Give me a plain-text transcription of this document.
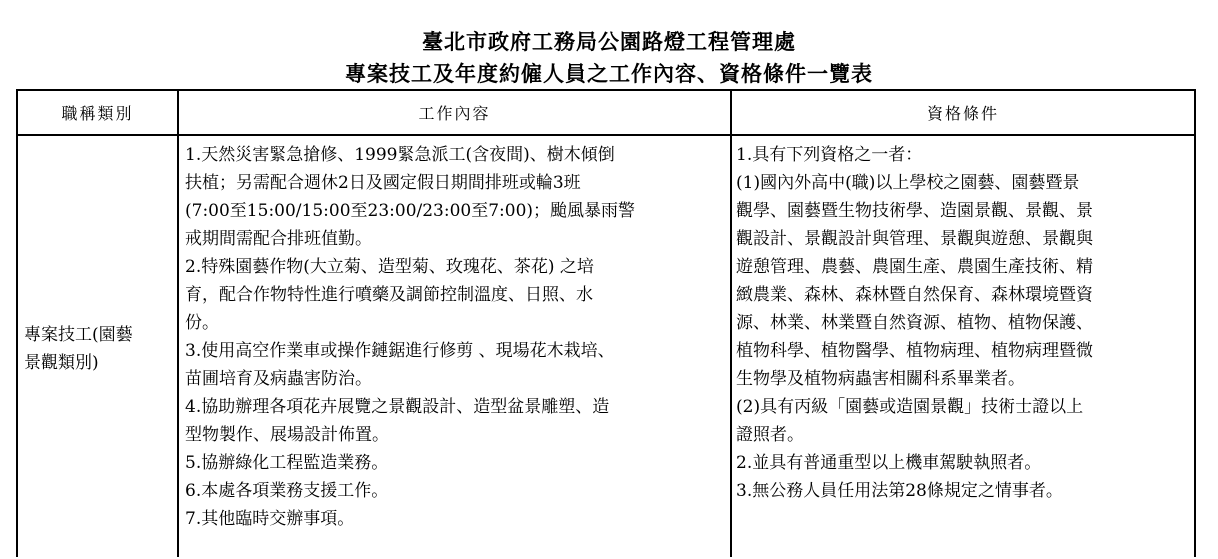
臺北市政府工務局公園路燈工程管理處
專案技工及年度約僱人員之工作內容、資格條件一覽表
職稱類別	工作內容	資格條件
專案技工(園藝
景觀類別)
1.天然災害緊急搶修、1999緊急派工(含夜間)、樹木傾倒
扶植；另需配合週休2日及國定假日期間排班或輪3班
(7:00至15:00/15:00至23:00/23:00至7:00)；颱風暴雨警
戒期間需配合排班值勤。
2.特殊園藝作物(大立菊、造型菊、玫瑰花、茶花) 之培
育，配合作物特性進行噴藥及調節控制溫度、日照、水
份。
3.使用高空作業車或操作鏈鋸進行修剪 、現場花木栽培、
苗圃培育及病蟲害防治。
4.協助辦理各項花卉展覽之景觀設計、造型盆景雕塑、造
型物製作、展場設計佈置。
5.協辦綠化工程監造業務。
6.本處各項業務支援工作。
7.其他臨時交辦事項。
1.具有下列資格之一者：
(1)國內外高中(職)以上學校之園藝、園藝暨景
觀學、園藝暨生物技術學、造園景觀、景觀、景
觀設計、景觀設計與管理、景觀與遊憩、景觀與
遊憩管理、農藝、農園生產、農園生產技術、精
緻農業、森林、森林暨自然保育、森林環境暨資
源、林業、林業暨自然資源、植物、植物保護、
植物科學、植物醫學、植物病理、植物病理暨微
生物學及植物病蟲害相關科系畢業者。
(2)具有丙級「園藝或造園景觀」技術士證以上
證照者。
2.並具有普通重型以上機車駕駛執照者。
3.無公務人員任用法第28條規定之情事者。
